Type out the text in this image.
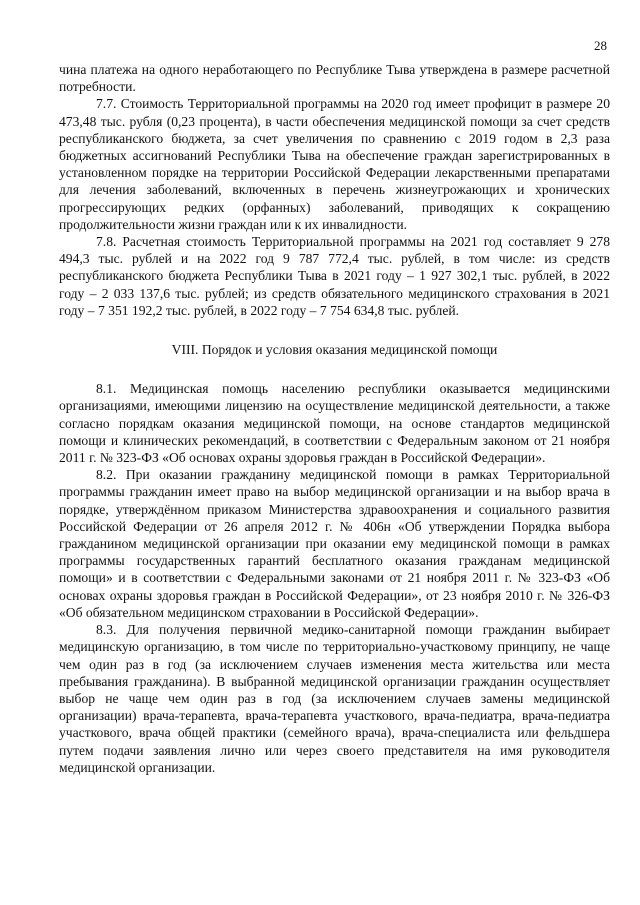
28

чина платежа на одного неработающего по Республике Тыва утверждена в размере расчетной потребности.

7.7. Стоимость Территориальной программы на 2020 год имеет профицит в размере 20 473,48 тыс. рубля (0,23 процента), в части обеспечения медицинской помощи за счет средств республиканского бюджета, за счет увеличения по сравнению с 2019 годом в 2,3 раза бюджетных ассигнований Республики Тыва на обеспечение граждан зарегистрированных в установленном порядке на территории Российской Федерации лекарственными препаратами для лечения заболеваний, включенных в перечень жизнеугрожающих и хронических прогрессирующих редких (орфанных) заболеваний, приводящих к сокращению продолжительности жизни граждан или к их инвалидности.

7.8. Расчетная стоимость Территориальной программы на 2021 год составляет 9 278 494,3 тыс. рублей и на 2022 год 9 787 772,4 тыс. рублей, в том числе: из средств республиканского бюджета Республики Тыва в 2021 году – 1 927 302,1 тыс. рублей, в 2022 году – 2 033 137,6 тыс. рублей; из средств обязательного медицинского страхования в 2021 году – 7 351 192,2 тыс. рублей, в 2022 году – 7 754 634,8 тыс. рублей.

VIII. Порядок и условия оказания медицинской помощи

8.1. Медицинская помощь населению республики оказывается медицинскими организациями, имеющими лицензию на осуществление медицинской деятельности, а также согласно порядкам оказания медицинской помощи, на основе стандартов медицинской помощи и клинических рекомендаций, в соответствии с Федеральным законом от 21 ноября 2011 г. № 323-ФЗ «Об основах охраны здоровья граждан в Российской Федерации».

8.2. При оказании гражданину медицинской помощи в рамках Территориальной программы гражданин имеет право на выбор медицинской организации и на выбор врача в порядке, утверждённом приказом Министерства здравоохранения и социального развития Российской Федерации от 26 апреля 2012 г. № 406н «Об утверждении Порядка выбора гражданином медицинской организации при оказании ему медицинской помощи в рамках программы государственных гарантий бесплатного оказания гражданам медицинской помощи» и в соответствии с Федеральными законами от 21 ноября 2011 г. № 323-ФЗ «Об основах охраны здоровья граждан в Российской Федерации», от 23 ноября 2010 г. № 326-ФЗ «Об обязательном медицинском страховании в Российской Федерации».

8.3. Для получения первичной медико-санитарной помощи гражданин выбирает медицинскую организацию, в том числе по территориально-участковому принципу, не чаще чем один раз в год (за исключением случаев изменения места жительства или места пребывания гражданина). В выбранной медицинской организации гражданин осуществляет выбор не чаще чем один раз в год (за исключением случаев замены медицинской организации) врача-терапевта, врача-терапевта участкового, врача-педиатра, врача-педиатра участкового, врача общей практики (семейного врача), врача-специалиста или фельдшера путем подачи заявления лично или через своего представителя на имя руководителя медицинской организации.
